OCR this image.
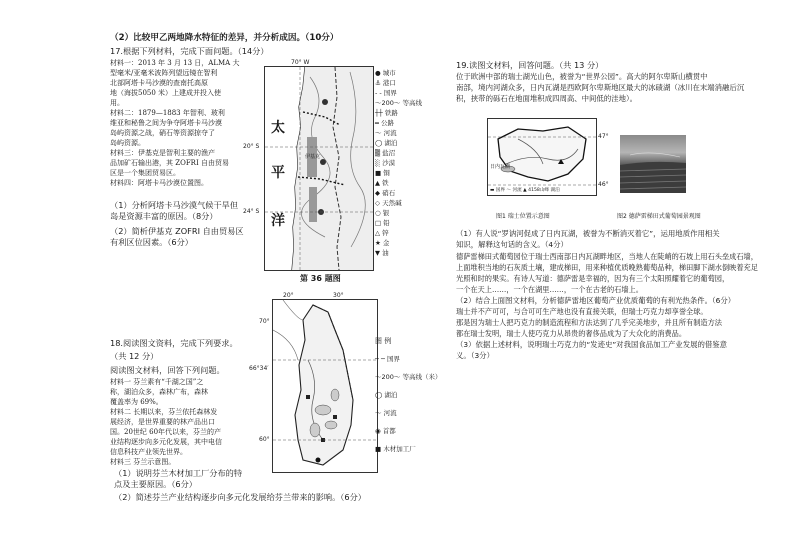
（2）比较甲乙两地降水特征的差异，并分析成因。（10分）
17.根据下列材料，完成下面问题。（14分）
材料一：2013 年 3 月 13 日，ALMA 大
型毫米/亚毫米波阵列望远镜在智利
北部阿塔卡马沙漠的查南托高原
地（海拔5050 米）上建成并投入使
用。
材料二：1879—1883 年智利、玻利
维亚和秘鲁之间为争夺阿塔卡马沙漠
岛屿资源之战，硝石等资源掠夺了
岛屿资源。
材料三：伊基克是智利主要的渔产
品加矿石输出港，其 ZOFRI 自由贸易
区是一个集团贸易区。
材料四：阿塔卡马沙漠位置图。
（1）分析阿塔卡马沙漠气候干旱但
岛是资源丰富的原因。（8分）
（2）简析伊基克 ZOFRI 自由贸易区
有利区位因素。（6分）
70° W
20° S
24° S
太
平
洋
伊基克
● 城市
⚓ 港口
- - 国界
～200～ 等高线
┼┼ 铁路
═ 公路
～ 河流
◯ 湖泊
▒ 盐沼
░ 沙漠
■ 铜
▲ 铁
◆ 硝石
◇ 天然碱
○ 银
□ 铅
△ 锌
★ 金
▼ 油
第 36 题图
18.阅读图文资料，完成下列要求。
（共 12 分）
阅读图文材料，回答下列问题。
材料一 芬兰素有“千湖之国”之
称，湖泊众多，森林广布，森林
覆盖率为 69%。
材料二 长期以来，芬兰依托森林发
展经济，是世界重要的林产品出口
国。20世纪 60年代以来，芬兰的产
业结构逐步向多元化发展，其中电信
信息科技产业领先世界。
材料三 芬兰示意图。
（1）说明芬兰木材加工厂分布的特
点及主要原因。（6分）
（2）简述芬兰产业结构逐步向多元化发展给芬兰带来的影响。（6分）
20°	30°
70°
66°34′
60°
图 例
─ ─ 国界
～200～ 等高线（米）
◯ 湖泊
～ 河流
◉ 首都
■ 木材加工厂
19.读图文材料，回答问题。（共 13 分）
位于欧洲中部的瑞士湖光山色，被誉为“世界公园”。高大的阿尔卑斯山横贯中
南部，境内河湖众多，日内瓦湖是西欧阿尔卑斯地区最大的冰碛湖（冰川在末端消融后沉
积，挟带的砾石在地面堆积成四周高、中间低的洼地）。
日内瓦湖
47°
46°
▬ 国界 ～ 河流 ▲ 4158山峰 湖泊
图1 瑞士位置示意图	图2 德萨雷梯田式葡萄园景观图
（1）有人说“罗讷河促成了日内瓦湖，被誉为不断消灭着它”，运用地质作用相关
知识，解释这句话的含义。（4分）
德萨雷梯田式葡萄园位于瑞士西南部日内瓦湖畔地区，当地人在陡峭的石坡上用石头垒成石墙，
上面堆积当地的石灰质土壤，建成梯田，用来种植优质晚熟葡萄品种，梯田脚下湖水倒映着充足
光照和时的果实。有诗人写道：德萨雷是幸福的，因为有三个太阳照耀着它的葡萄园，
一个在天上……，一个在湖里……，一个在古老的石墙上。
（2）结合上面图文材料，分析德萨雷地区葡萄产业优质葡萄的有利光热条件。（6分）
瑞士并不产可可，与合可可生产地也没有直接关联，但瑞士巧克力却享誉全球。
那是因为瑞士人把巧克力的制造流程和方法达到了几乎完美地步，并且所有制造方法
都在瑞士发明，瑞士人使巧克力从昂贵的奢侈品成为了大众化的消费品。
（3）依据上述材料，说明瑞士巧克力的“发迹史”对我国食品加工产业发展的借鉴意
义。（3分）
